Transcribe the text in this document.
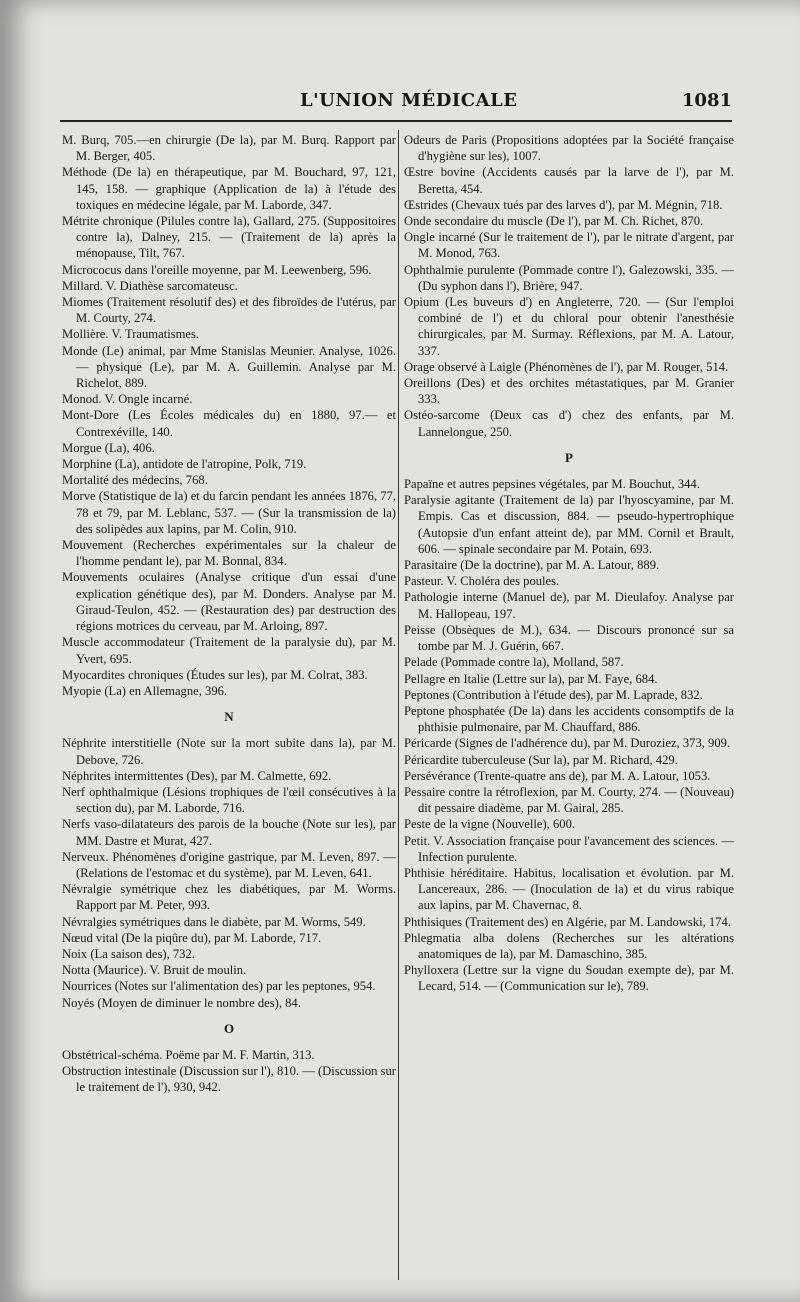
L'UNION MÉDICALE	1081
M. Burq, 705.—en chirurgie (De la), par M. Burq. Rapport par M. Berger, 405.
Méthode (De la) en thérapeutique, par M. Bouchard, 97, 121, 145, 158. — graphique (Application de la) à l'étude des toxiques en médecine légale, par M. Laborde, 347.
Métrite chronique (Pilules contre la), Gallard, 275. (Suppositoires contre la), Dalney, 215. — (Traitement de la) après la ménopause, Tilt, 767.
Micrococus dans l'oreille moyenne, par M. Leewenberg, 596.
Millard. V. Diathèse sarcomateusc.
Miomes (Traitement résolutif des) et des fibroïdes de l'utérus, par M. Courty, 274.
Mollière. V. Traumatismes.
Monde (Le) animal, par Mme Stanislas Meunier. Analyse, 1026. — physique (Le), par M. A. Guillemin. Analyse par M. Richelot, 889.
Monod. V. Ongle incarné.
Mont-Dore (Les Écoles médicales du) en 1880, 97.— et Contrexéville, 140.
Morgue (La), 406.
Morphine (La), antidote de l'atropine, Polk, 719.
Mortalité des médecins, 768.
Morve (Statistique de la) et du farcin pendant les années 1876, 77, 78 et 79, par M. Leblanc, 537. — (Sur la transmission de la) des solipèdes aux lapins, par M. Colin, 910.
Mouvement (Recherches expérimentales sur la chaleur de l'homme pendant le), par M. Bonnal, 834.
Mouvements oculaires (Analyse critique d'un essai d'une explication génétique des), par M. Donders. Analyse par M. Giraud-Teulon, 452. — (Restauration des) par destruction des régions motrices du cerveau, par M. Arloing, 897.
Muscle accommodateur (Traitement de la paralysie du), par M. Yvert, 695.
Myocardites chroniques (Études sur les), par M. Colrat, 383.
Myopie (La) en Allemagne, 396.
N
Néphrite interstitielle (Note sur la mort subite dans la), par M. Debove, 726.
Néphrites intermittentes (Des), par M. Calmette, 692.
Nerf ophthalmique (Lésions trophiques de l'œil consécutives à la section du), par M. Laborde, 716.
Nerfs vaso-dilatateurs des parois de la bouche (Note sur les), par MM. Dastre et Murat, 427.
Nerveux. Phénomènes d'origine gastrique, par M. Leven, 897. — (Relations de l'estomac et du système), par M. Leven, 641.
Névralgie symétrique chez les diabétiques, par M. Worms. Rapport par M. Peter, 993.
Névralgies symétriques dans le diabète, par M. Worms, 549.
Nœud vital (De la piqûre du), par M. Laborde, 717.
Noix (La saison des), 732.
Notta (Maurice). V. Bruit de moulin.
Nourrices (Notes sur l'alimentation des) par les peptones, 954.
Noyés (Moyen de diminuer le nombre des), 84.
O
Obstétrical-schéma. Poëme par M. F. Martin, 313.
Obstruction intestinale (Discussion sur l'), 810. — (Discussion sur le traitement de l'), 930, 942.
Odeurs de Paris (Propositions adoptées par la Société française d'hygiène sur les), 1007.
Œstre bovine (Accidents causés par la larve de l'), par M. Beretta, 454.
Œstrides (Chevaux tués par des larves d'), par M. Mégnin, 718.
Onde secondaire du muscle (De l'), par M. Ch. Richet, 870.
Ongle incarné (Sur le traitement de l'), par le nitrate d'argent, par M. Monod, 763.
Ophthalmie purulente (Pommade contre l'), Galezowski, 335. — (Du syphon dans l'), Brière, 947.
Opium (Les buveurs d') en Angleterre, 720. — (Sur l'emploi combiné de l') et du chloral pour obtenir l'anesthésie chirurgicales, par M. Surmay. Réflexions, par M. A. Latour, 337.
Orage observé à Laigle (Phénomènes de l'), par M. Rouger, 514.
Oreillons (Des) et des orchites métastatiques, par M. Granier 333.
Ostéo-sarcome (Deux cas d') chez des enfants, par M. Lannelongue, 250.
P
Papaïne et autres pepsines végétales, par M. Bouchut, 344.
Paralysie agitante (Traitement de la) par l'hyoscyamine, par M. Empis. Cas et discussion, 884. — pseudo-hypertrophique (Autopsie d'un enfant atteint de), par MM. Cornil et Brault, 606. — spinale secondaire par M. Potain, 693.
Parasitaire (De la doctrine), par M. A. Latour, 889.
Pasteur. V. Choléra des poules.
Pathologie interne (Manuel de), par M. Dieulafoy. Analyse par M. Hallopeau, 197.
Peisse (Obsèques de M.), 634. — Discours prononcé sur sa tombe par M. J. Guérin, 667.
Pelade (Pommade contre la), Molland, 587.
Pellagre en Italie (Lettre sur la), par M. Faye, 684.
Peptones (Contribution à l'étude des), par M. Laprade, 832.
Peptone phosphatée (De la) dans les accidents consomptifs de la phthisie pulmonaire, par M. Chauffard, 886.
Péricarde (Signes de l'adhérence du), par M. Duroziez, 373, 909.
Péricardite tuberculeuse (Sur la), par M. Richard, 429.
Persévérance (Trente-quatre ans de), par M. A. Latour, 1053.
Pessaire contre la rétroflexion, par M. Courty, 274. — (Nouveau) dit pessaire diadème, par M. Gairal, 285.
Peste de la vigne (Nouvelle), 600.
Petit. V. Association française pour l'avancement des sciences. — Infection purulente.
Phthisie héréditaire. Habitus, localisation et évolution. par M. Lancereaux, 286. — (Inoculation de la) et du virus rabique aux lapins, par M. Chavernac, 8.
Phthisiques (Traitement des) en Algérie, par M. Landowski, 174.
Phlegmatia alba dolens (Recherches sur les altérations anatomiques de la), par M. Damaschino, 385.
Phylloxera (Lettre sur la vigne du Soudan exempte de), par M. Lecard, 514. — (Communication sur le), 789.
